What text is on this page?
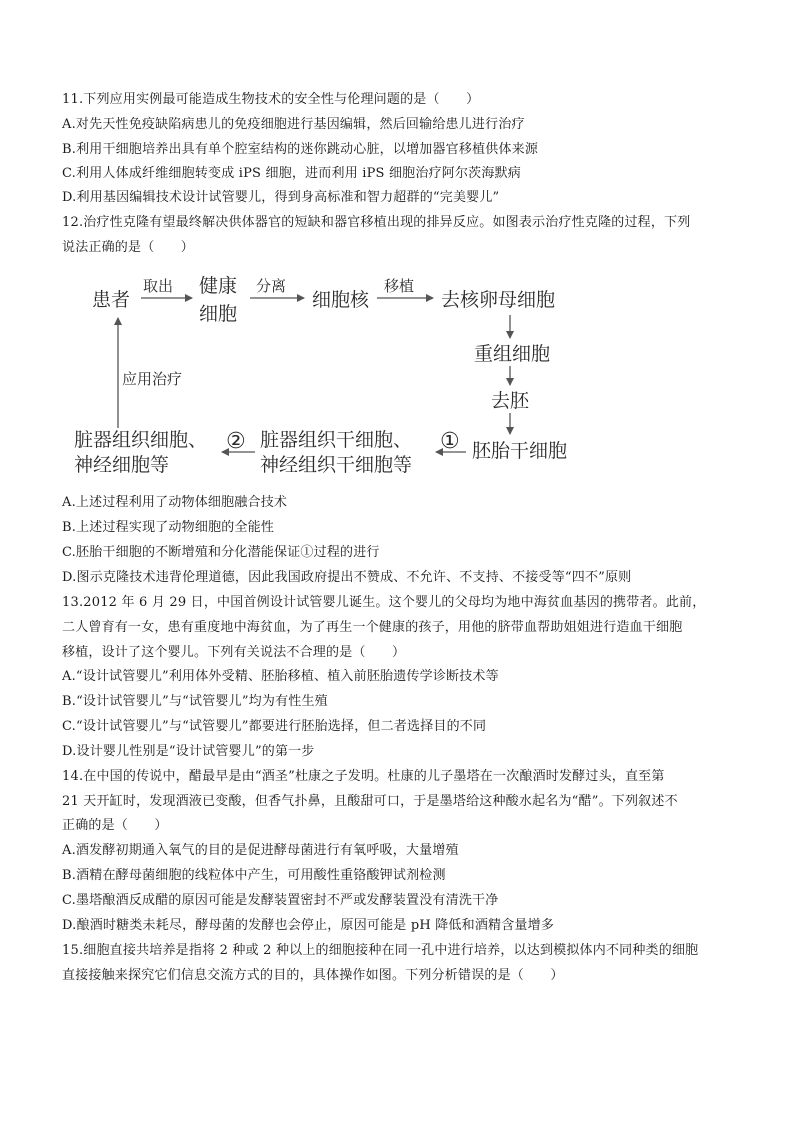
11.下列应用实例最可能造成生物技术的安全性与伦理问题的是（　　）
A.对先天性免疫缺陷病患儿的免疫细胞进行基因编辑，然后回输给患儿进行治疗
B.利用干细胞培养出具有单个腔室结构的迷你跳动心脏，以增加器官移植供体来源
C.利用人体成纤维细胞转变成 iPS 细胞，进而利用 iPS 细胞治疗阿尔茨海默病
D.利用基因编辑技术设计试管婴儿，得到身高标准和智力超群的“完美婴儿”
12.治疗性克隆有望最终解决供体器官的短缺和器官移植出现的排异反应。如图表示治疗性克隆的过程，下列
说法正确的是（　　）
患者
健康
细胞
细胞核	去核卵母细胞
重组细胞
去胚
胚胎干细胞
脏器组织干细胞、
神经组织干细胞等
脏器组织细胞、
神经细胞等
取出	分离	移植
①
②
应用治疗
A.上述过程利用了动物体细胞融合技术
B.上述过程实现了动物细胞的全能性
C.胚胎干细胞的不断增殖和分化潜能保证①过程的进行
D.图示克隆技术违背伦理道德，因此我国政府提出不赞成、不允许、不支持、不接受等“四不”原则
13.2012 年 6 月 29 日，中国首例设计试管婴儿诞生。这个婴儿的父母均为地中海贫血基因的携带者。此前，
二人曾育有一女，患有重度地中海贫血，为了再生一个健康的孩子，用他的脐带血帮助姐姐进行造血干细胞
移植，设计了这个婴儿。下列有关说法不合理的是（　　）
A.“设计试管婴儿”利用体外受精、胚胎移植、植入前胚胎遗传学诊断技术等
B.“设计试管婴儿”与“试管婴儿”均为有性生殖
C.“设计试管婴儿”与“试管婴儿”都要进行胚胎选择，但二者选择目的不同
D.设计婴儿性别是“设计试管婴儿”的第一步
14.在中国的传说中，醋最早是由“酒圣”杜康之子发明。杜康的儿子墨塔在一次酿酒时发酵过头，直至第
21 天开缸时，发现酒液已变酸，但香气扑鼻，且酸甜可口，于是墨塔给这种酸水起名为“醋”。下列叙述不
正确的是（　　）
A.酒发酵初期通入氧气的目的是促进酵母菌进行有氧呼吸，大量增殖
B.酒精在酵母菌细胞的线粒体中产生，可用酸性重铬酸钾试剂检测
C.墨塔酿酒反成醋的原因可能是发酵装置密封不严或发酵装置没有清洗干净
D.酿酒时糖类未耗尽，酵母菌的发酵也会停止，原因可能是 pH 降低和酒精含量增多
15.细胞直接共培养是指将 2 种或 2 种以上的细胞接种在同一孔中进行培养，以达到模拟体内不同种类的细胞
直接接触来探究它们信息交流方式的目的，具体操作如图。下列分析错误的是（　　）
